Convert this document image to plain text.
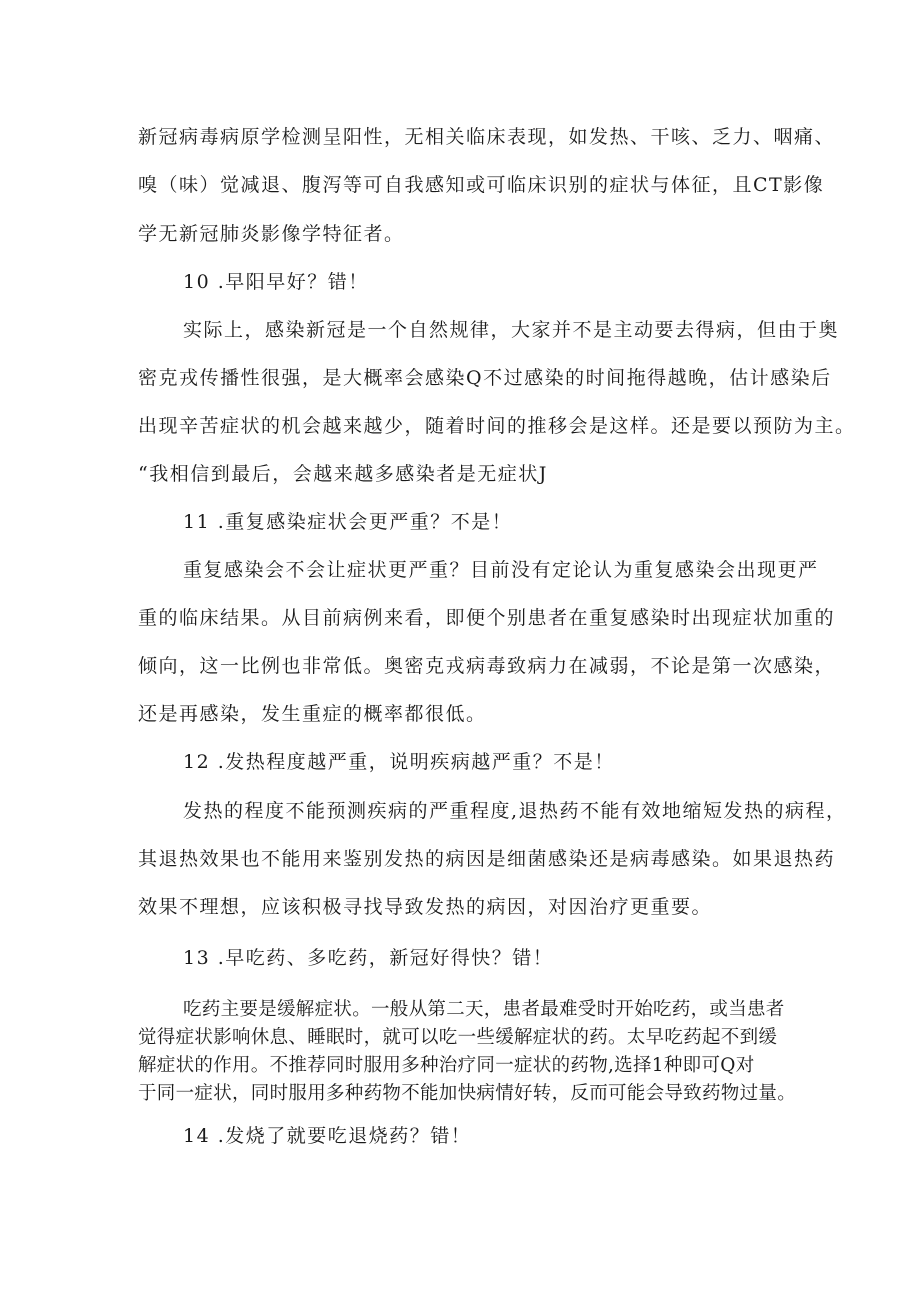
新冠病毒病原学检测呈阳性，无相关临床表现，如发热、干咳、乏力、咽痛、
嗅（味）觉减退、腹泻等可自我感知或可临床识别的症状与体征，且CT影像
学无新冠肺炎影像学特征者。
10 .早阳早好？错！
实际上，感染新冠是一个自然规律，大家并不是主动要去得病，但由于奥
密克戎传播性很强，是大概率会感染Q不过感染的时间拖得越晚，估计感染后
出现辛苦症状的机会越来越少，随着时间的推移会是这样。还是要以预防为主。
“我相信到最后，会越来越多感染者是无症状J
11 .重复感染症状会更严重？不是！
重复感染会不会让症状更严重？目前没有定论认为重复感染会出现更严
重的临床结果。从目前病例来看，即便个别患者在重复感染时出现症状加重的
倾向，这一比例也非常低。奥密克戎病毒致病力在减弱，不论是第一次感染，
还是再感染，发生重症的概率都很低。
12 .发热程度越严重，说明疾病越严重？不是！
发热的程度不能预测疾病的严重程度,退热药不能有效地缩短发热的病程，
其退热效果也不能用来鉴别发热的病因是细菌感染还是病毒感染。如果退热药
效果不理想，应该积极寻找导致发热的病因，对因治疗更重要。
13 .早吃药、多吃药，新冠好得快？错！
吃药主要是缓解症状。一般从第二天，患者最难受时开始吃药，或当患者
觉得症状影响休息、睡眠时，就可以吃一些缓解症状的药。太早吃药起不到缓
解症状的作用。不推荐同时服用多种治疗同一症状的药物,选择1种即可Q对
于同一症状，同时服用多种药物不能加快病情好转，反而可能会导致药物过量。
14 .发烧了就要吃退烧药？错！
